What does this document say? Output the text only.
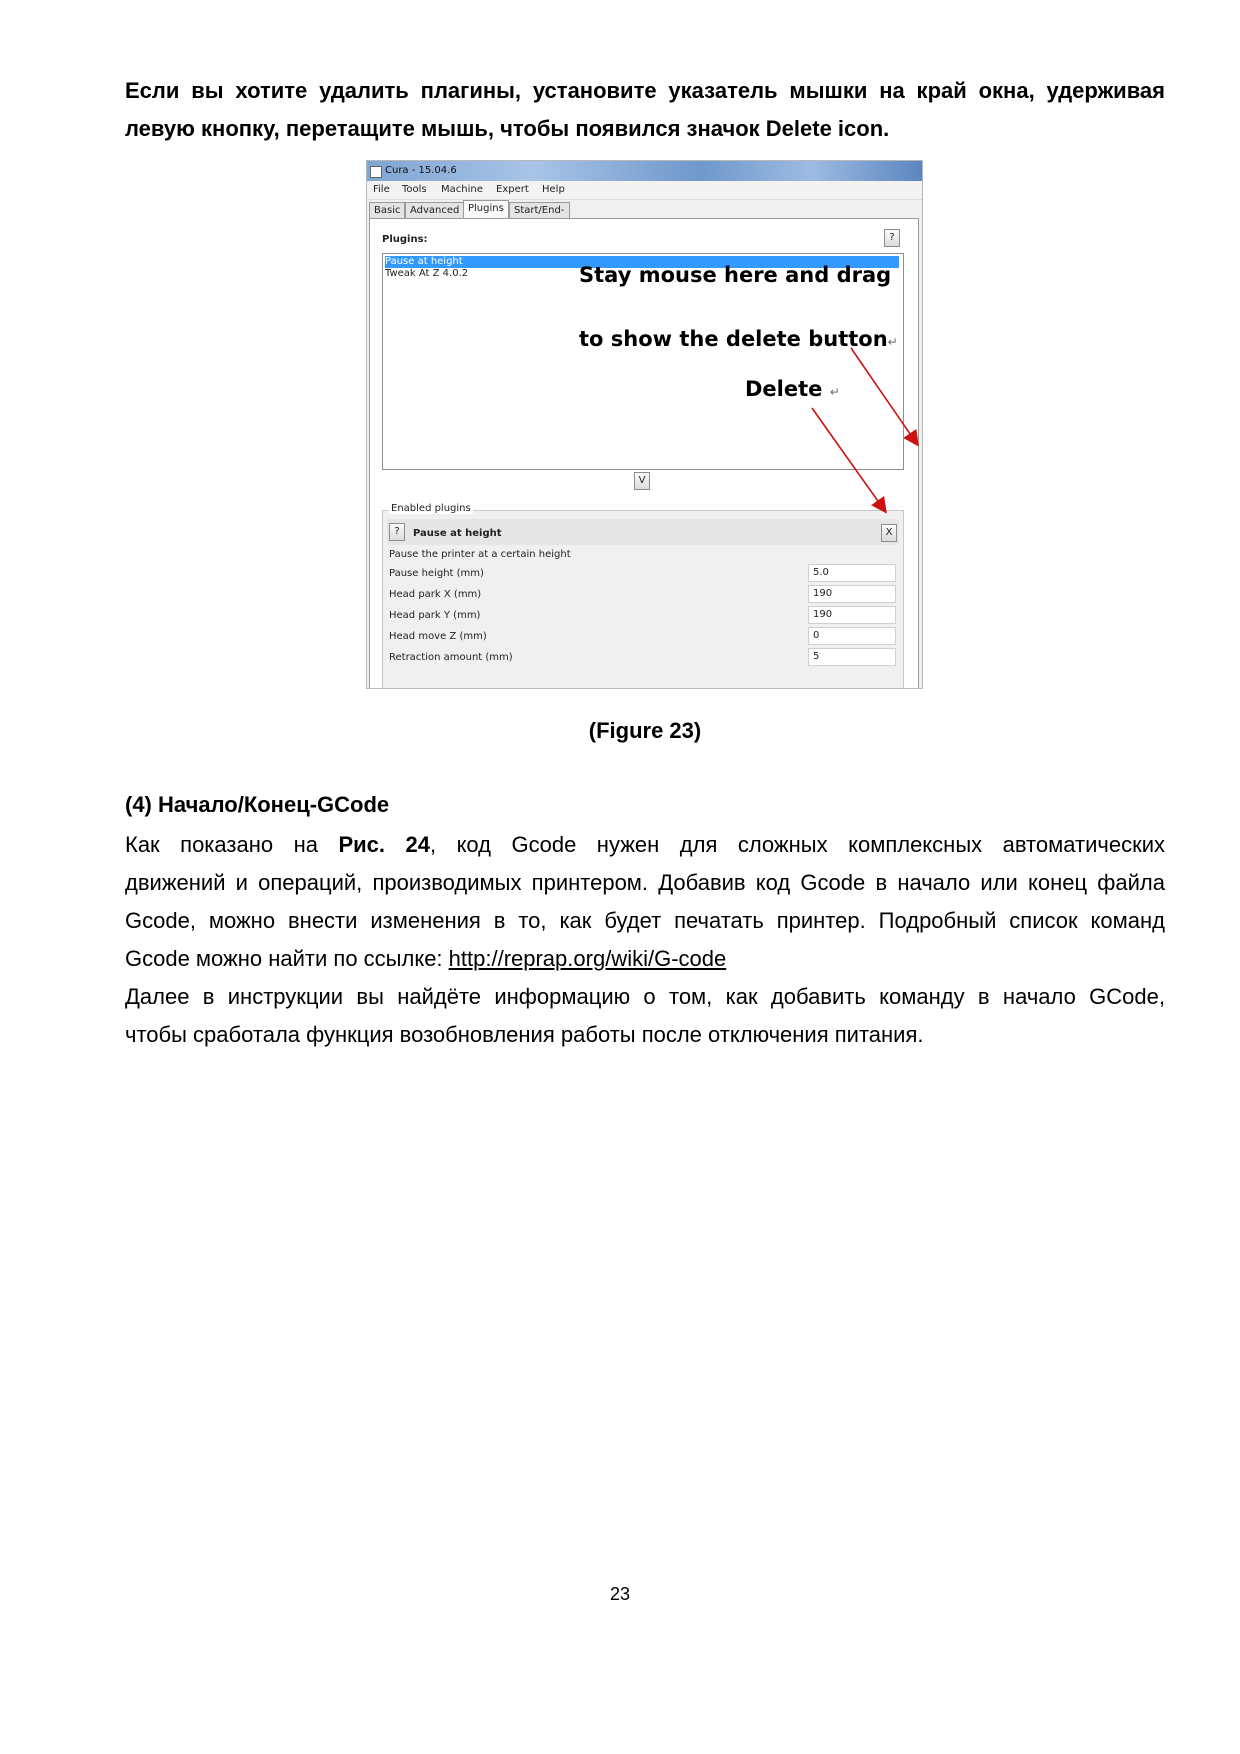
Если вы хотите удалить плагины, установите указатель мышки на край окна, удерживая
левую кнопку, перетащите мышь, чтобы появился значок Delete icon.

Cura - 15.04.6
File Tools Machine Expert Help
Basic Advanced Plugins	Start/End-
Plugins:	?
Pause at height
Tweak At Z 4.0.2
Enabled plugins
?	Pause at height	X
Pause the printer at a certain height
Pause height (mm)	5.0
Head park X (mm)	190
Head park Y (mm)	190
Head move Z (mm)	0
Retraction amount (mm)	5
V
Stay mouse here and drag
to show the delete button↵
Delete ↵
(Figure 23)
(4) Начало/Конец-GCode

Как показано на Рис. 24, код Gcode нужен для сложных комплексных автоматических
движений и операций, производимых принтером. Добавив код Gcode в начало или конец файла
Gcode, можно внести изменения в то, как будет печатать принтер. Подробный список команд
Gcode можно найти по ссылке: http://reprap.org/wiki/G-code
Далее в инструкции вы найдёте информацию о том, как добавить команду в начало GCode,
чтобы сработала функция возобновления работы после отключения питания.

23
